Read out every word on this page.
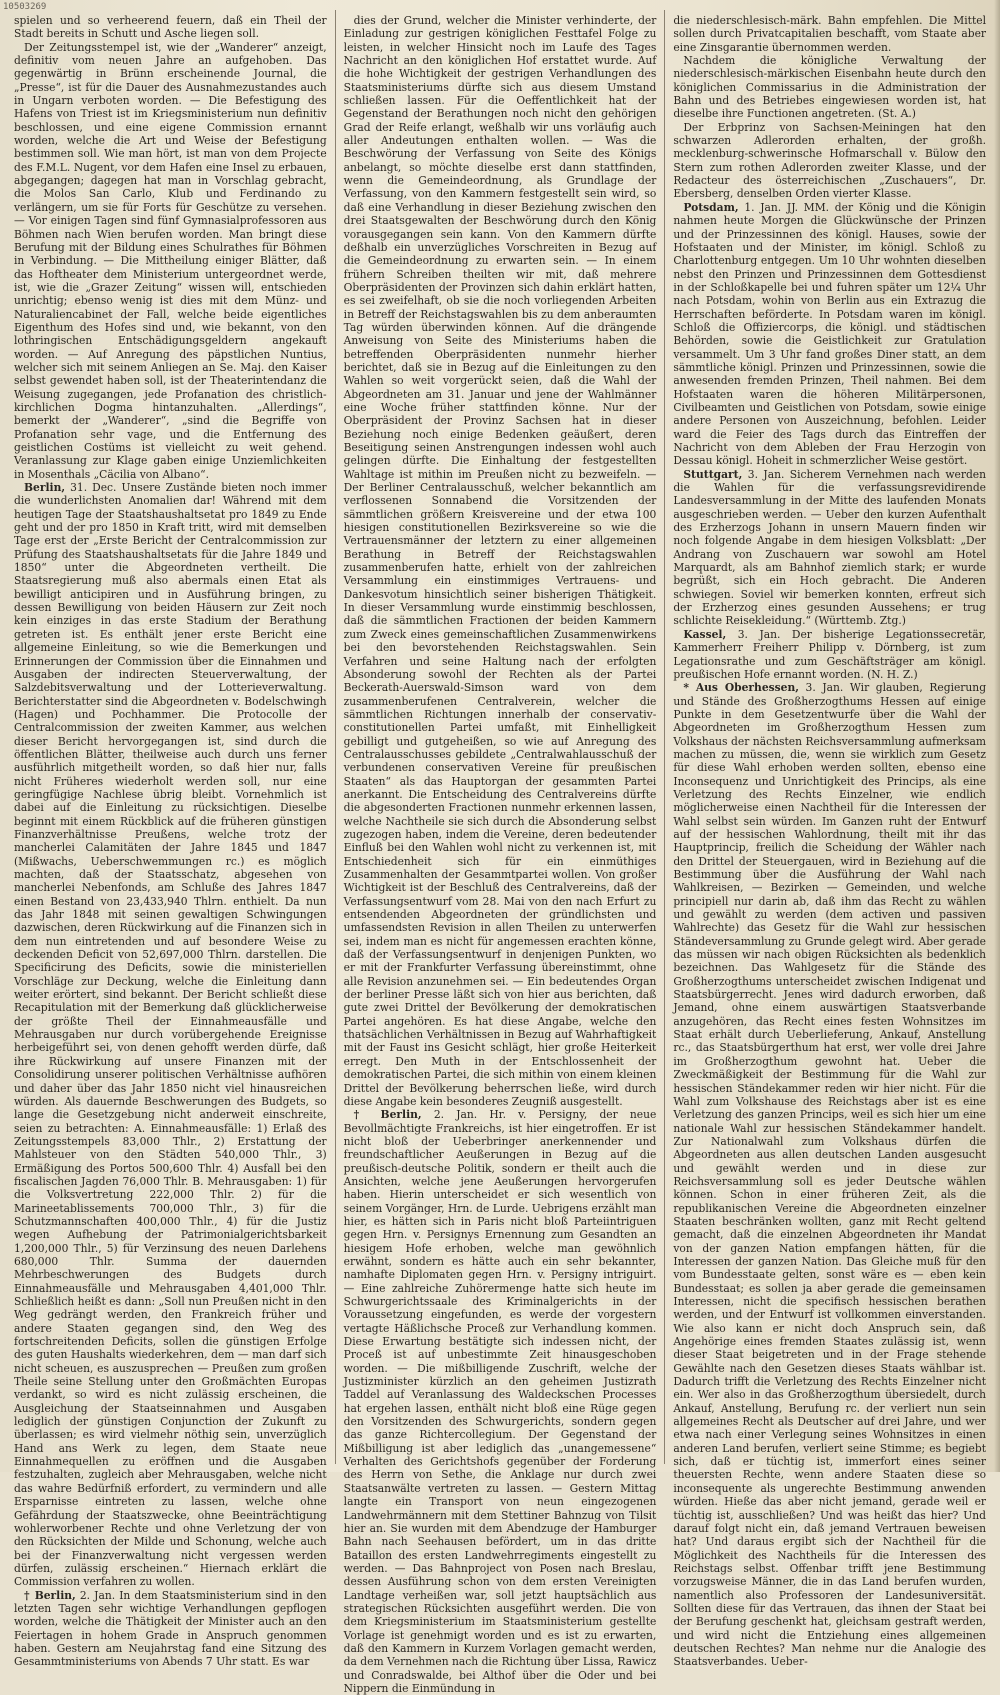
10503269

spielen und so verheerend feuern, daß ein Theil der Stadt bereits in Schutt und Asche liegen soll.

Der Zeitungsstempel ist, wie der „Wanderer“ anzeigt, definitiv vom neuen Jahre an aufgehoben. Das gegenwärtig in Brünn erscheinende Journal, die „Presse“, ist für die Dauer des Ausnahmezustandes auch in Ungarn verboten worden. — Die Befestigung des Hafens von Triest ist im Kriegsministerium nun definitiv beschlossen, und eine eigene Commission ernannt worden, welche die Art und Weise der Befestigung bestimmen soll. Wie man hört, ist man von dem Projecte des F.M.L. Nugent, vor dem Hafen eine Insel zu erbauen, abgegangen; dagegen hat man in Vorschlag gebracht, die Molos San Carlo, Klub und Ferdinando zu verlängern, um sie für Forts für Geschütze zu versehen. — Vor einigen Tagen sind fünf Gymnasialprofessoren aus Böhmen nach Wien berufen worden. Man bringt diese Berufung mit der Bildung eines Schulrathes für Böhmen in Verbindung. — Die Mittheilung einiger Blätter, daß das Hoftheater dem Ministerium untergeordnet werde, ist, wie die „Grazer Zeitung“ wissen will, entschieden unrichtig; ebenso wenig ist dies mit dem Münz- und Naturaliencabinet der Fall, welche beide eigentliches Eigenthum des Hofes sind und, wie bekannt, von den lothringischen Entschädigungsgeldern angekauft worden. — Auf Anregung des päpstlichen Nuntius, welcher sich mit seinem Anliegen an Se. Maj. den Kaiser selbst gewendet haben soll, ist der Theaterintendanz die Weisung zugegangen, jede Profanation des christlich-kirchlichen Dogma hintanzuhalten. „Allerdings“, bemerkt der „Wanderer“, „sind die Begriffe von Profanation sehr vage, und die Entfernung des geistlichen Costüms ist vielleicht zu weit gehend. Veranlassung zur Klage gaben einige Unziemlichkeiten in Mosenthals „Cäcilia von Albano“.

Berlin, 31. Dec. Unsere Zustände bieten noch immer die wunderlichsten Anomalien dar! Während mit dem heutigen Tage der Staatshaushaltsetat pro 1849 zu Ende geht und der pro 1850 in Kraft tritt, wird mit demselben Tage erst der „Erste Bericht der Centralcommission zur Prüfung des Staatshaushaltsetats für die Jahre 1849 und 1850“ unter die Abgeordneten vertheilt. Die Staatsregierung muß also abermals einen Etat als bewilligt anticipiren und in Ausführung bringen, zu dessen Bewilligung von beiden Häusern zur Zeit noch kein einziges in das erste Stadium der Berathung getreten ist. Es enthält jener erste Bericht eine allgemeine Einleitung, so wie die Bemerkungen und Erinnerungen der Commission über die Einnahmen und Ausgaben der indirecten Steuerverwaltung, der Salzdebitsverwaltung und der Lotterieverwaltung. Berichterstatter sind die Abgeordneten v. Bodelschwingh (Hagen) und Pochhammer. Die Protocolle der Centralcommission der zweiten Kammer, aus welchen dieser Bericht hervorgegangen ist, sind durch die öffentlichen Blätter, theilweise auch durch uns ferner ausführlich mitgetheilt worden, so daß hier nur, falls nicht Früheres wiederholt werden soll, nur eine geringfügige Nachlese übrig bleibt. Vornehmlich ist dabei auf die Einleitung zu rücksichtigen. Dieselbe beginnt mit einem Rückblick auf die früheren günstigen Finanzverhältnisse Preußens, welche trotz der mancherlei Calamitäten der Jahre 1845 und 1847 (Mißwachs, Ueberschwemmungen rc.) es möglich machten, daß der Staatsschatz, abgesehen von mancherlei Nebenfonds, am Schluße des Jahres 1847 einen Bestand von 23,433,940 Thlrn. enthielt. Da nun das Jahr 1848 mit seinen gewaltigen Schwingungen dazwischen, deren Rückwirkung auf die Finanzen sich in dem nun eintretenden und auf besondere Weise zu deckenden Deficit von 52,697,000 Thlrn. darstellen. Die Specificirung des Deficits, sowie die ministeriellen Vorschläge zur Deckung, welche die Einleitung dann weiter erörtert, sind bekannt. Der Bericht schließt diese Recapitulation mit der Bemerkung daß glücklicherweise der größte Theil der Einnahmeausfälle und Mehrausgaben nur durch vorübergehende Ereignisse herbeigeführt sei, von denen gehofft werden dürfe, daß ihre Rückwirkung auf unsere Finanzen mit der Consolidirung unserer politischen Verhältnisse aufhören und daher über das Jahr 1850 nicht viel hinausreichen würden. Als dauernde Beschwerungen des Budgets, so lange die Gesetzgebung nicht anderweit einschreite, seien zu betrachten: A. Einnahmeausfälle: 1) Erlaß des Zeitungsstempels 83,000 Thlr., 2) Erstattung der Mahlsteuer von den Städten 540,000 Thlr., 3) Ermäßigung des Portos 500,600 Thlr. 4) Ausfall bei den fiscalischen Jagden 76,000 Thlr. B. Mehrausgaben: 1) für die Volksvertretung 222,000 Thlr. 2) für die Marineetablissements 700,000 Thlr., 3) für die Schutzmannschaften 400,000 Thlr., 4) für die Justiz wegen Aufhebung der Patrimonialgerichtsbarkeit 1,200,000 Thlr., 5) für Verzinsung des neuen Darlehens 680,000 Thlr. Summa der dauernden Mehrbeschwerungen des Budgets durch Einnahmeausfälle und Mehrausgaben 4,401,000 Thlr. Schließlich heißt es dann: „Soll nun Preußen nicht in den Weg gedrängt werden, den Frankreich früher und andere Staaten gegangen sind, den Weg des fortschreitenden Deficits, sollen die günstigen Erfolge des guten Haushalts wiederkehren, dem — man darf sich nicht scheuen, es auszusprechen — Preußen zum großen Theile seine Stellung unter den Großmächten Europas verdankt, so wird es nicht zulässig erscheinen, die Ausgleichung der Staatseinnahmen und Ausgaben lediglich der günstigen Conjunction der Zukunft zu überlassen; es wird vielmehr nöthig sein, unverzüglich Hand ans Werk zu legen, dem Staate neue Einnahmequellen zu eröffnen und die Ausgaben festzuhalten, zugleich aber Mehrausgaben, welche nicht das wahre Bedürfniß erfordert, zu vermindern und alle Ersparnisse eintreten zu lassen, welche ohne Gefährdung der Staatszwecke, ohne Beeinträchtigung wohlerworbener Rechte und ohne Verletzung der von den Rücksichten der Milde und Schonung, welche auch bei der Finanzverwaltung nicht vergessen werden dürfen, zulässig erscheinen.“ Hiernach erklärt die Commission verfahren zu wollen.

† Berlin, 2. Jan. In dem Staatsministerium sind in den letzten Tagen sehr wichtige Verhandlungen gepflogen worden, welche die Thätigkeit der Minister auch an den Feiertagen in hohem Grade in Anspruch genommen haben. Gestern am Neujahrstag fand eine Sitzung des Gesammtministeriums von Abends 7 Uhr statt. Es war

dies der Grund, welcher die Minister verhinderte, der Einladung zur gestrigen königlichen Festtafel Folge zu leisten, in welcher Hinsicht noch im Laufe des Tages Nachricht an den königlichen Hof erstattet wurde. Auf die hohe Wichtigkeit der gestrigen Verhandlungen des Staatsministeriums dürfte sich aus diesem Umstand schließen lassen. Für die Oeffentlichkeit hat der Gegenstand der Berathungen noch nicht den gehörigen Grad der Reife erlangt, weßhalb wir uns vorläufig auch aller Andeutungen enthalten wollen. — Was die Beschwörung der Verfassung von Seite des Königs anbelangt, so möchte dieselbe erst dann stattfinden, wenn die Gemeindeordnung, als Grundlage der Verfassung, von den Kammern festgestellt sein wird, so daß eine Verhandlung in dieser Beziehung zwischen den drei Staatsgewalten der Beschwörung durch den König vorausgegangen sein kann. Von den Kammern dürfte deßhalb ein unverzügliches Vorschreiten in Bezug auf die Gemeindeordnung zu erwarten sein. — In einem frühern Schreiben theilten wir mit, daß mehrere Oberpräsidenten der Provinzen sich dahin erklärt hatten, es sei zweifelhaft, ob sie die noch vorliegenden Arbeiten in Betreff der Reichstagswahlen bis zu dem anberaumten Tag würden überwinden können. Auf die drängende Anweisung von Seite des Ministeriums haben die betreffenden Oberpräsidenten nunmehr hierher berichtet, daß sie in Bezug auf die Einleitungen zu den Wahlen so weit vorgerückt seien, daß die Wahl der Abgeordneten am 31. Januar und jene der Wahlmänner eine Woche früher stattfinden könne. Nur der Oberpräsident der Provinz Sachsen hat in dieser Beziehung noch einige Bedenken geäußert, deren Beseitigung seinen Anstrengungen indessen wohl auch gelingen dürfte. Die Einhaltung der festgestellten Wahltage ist mithin im Preußen nicht zu bezweifeln. — Der Berliner Centralausschuß, welcher bekanntlich am verflossenen Sonnabend die Vorsitzenden der sämmtlichen größern Kreisvereine und der etwa 100 hiesigen constitutionellen Bezirksvereine so wie die Vertrauensmänner der letztern zu einer allgemeinen Berathung in Betreff der Reichstagswahlen zusammenberufen hatte, erhielt von der zahlreichen Versammlung ein einstimmiges Vertrauens- und Dankesvotum hinsichtlich seiner bisherigen Thätigkeit. In dieser Versammlung wurde einstimmig beschlossen, daß die sämmtlichen Fractionen der beiden Kammern zum Zweck eines gemeinschaftlichen Zusammenwirkens bei den bevorstehenden Reichstagswahlen. Sein Verfahren und seine Haltung nach der erfolgten Absonderung sowohl der Rechten als der Partei Beckerath-Auerswald-Simson ward von dem zusammenberufenen Centralverein, welcher die sämmtlichen Richtungen innerhalb der conservativ-constitutionellen Partei umfaßt, mit Einhelligkeit gebilligt und gutgeheißen, so wie auf Anregung des Centralausschusses gebildete „Centralwahlausschuß der verbundenen conservativen Vereine für preußischen Staaten“ als das Hauptorgan der gesammten Partei anerkannt. Die Entscheidung des Centralvereins dürfte die abgesonderten Fractionen nunmehr erkennen lassen, welche Nachtheile sie sich durch die Absonderung selbst zugezogen haben, indem die Vereine, deren bedeutender Einfluß bei den Wahlen wohl nicht zu verkennen ist, mit Entschiedenheit sich für ein einmüthiges Zusammenhalten der Gesammtpartei wollen. Von großer Wichtigkeit ist der Beschluß des Centralvereins, daß der Verfassungsentwurf vom 28. Mai von den nach Erfurt zu entsendenden Abgeordneten der gründlichsten und umfassendsten Revision in allen Theilen zu unterwerfen sei, indem man es nicht für angemessen erachten könne, daß der Verfassungsentwurf in denjenigen Punkten, wo er mit der Frankfurter Verfassung übereinstimmt, ohne alle Revision anzunehmen sei. — Ein bedeutendes Organ der berliner Presse läßt sich von hier aus berichten, daß gute zwei Drittel der Bevölkerung der demokratischen Partei angehören. Es hat diese Angabe, welche den thatsächlichen Verhältnissen in Bezug auf Wahrhaftigkeit mit der Faust ins Gesicht schlägt, hier große Heiterkeit erregt. Den Muth in der Entschlossenheit der demokratischen Partei, die sich mithin von einem kleinen Drittel der Bevölkerung beherrschen ließe, wird durch diese Angabe kein besonderes Zeugniß ausgestellt.

† Berlin, 2. Jan. Hr. v. Persigny, der neue Bevollmächtigte Frankreichs, ist hier eingetroffen. Er ist nicht bloß der Ueberbringer anerkennender und freundschaftlicher Aeußerungen in Bezug auf die preußisch-deutsche Politik, sondern er theilt auch die Ansichten, welche jene Aeußerungen hervorgerufen haben. Hierin unterscheidet er sich wesentlich von seinem Vorgänger, Hrn. de Lurde. Uebrigens erzählt man hier, es hätten sich in Paris nicht bloß Parteiintriguen gegen Hrn. v. Persignys Ernennung zum Gesandten an hiesigem Hofe erhoben, welche man gewöhnlich erwähnt, sondern es hätte auch ein sehr bekannter, namhafte Diplomaten gegen Hrn. v. Persigny intriguirt. — Eine zahlreiche Zuhörermenge hatte sich heute im Schwurgerichtssaale des Kriminalgerichts in der Voraussetzung eingefunden, es werde der vorgestern vertagte Häßlichsche Proceß zur Verhandlung kommen. Diese Erwartung bestätigte sich indessen nicht, der Proceß ist auf unbestimmte Zeit hinausgeschoben worden. — Die mißbilligende Zuschrift, welche der Justizminister kürzlich an den geheimen Justizrath Taddel auf Veranlassung des Waldeckschen Processes hat ergehen lassen, enthält nicht bloß eine Rüge gegen den Vorsitzenden des Schwurgerichts, sondern gegen das ganze Richtercollegium. Der Gegenstand der Mißbilligung ist aber lediglich das „unangemessene“ Verhalten des Gerichtshofs gegenüber der Forderung des Herrn von Sethe, die Anklage nur durch zwei Staatsanwälte vertreten zu lassen. — Gestern Mittag langte ein Transport von neun eingezogenen Landwehrmännern mit dem Stettiner Bahnzug von Tilsit hier an. Sie wurden mit dem Abendzuge der Hamburger Bahn nach Seehausen befördert, um in das dritte Bataillon des ersten Landwehrregiments eingestellt zu werden. — Das Bahnproject von Posen nach Breslau, dessen Ausführung schon von dem ersten Vereinigten Landtage verheißen war, soll jetzt hauptsächlich aus strategischen Rücksichten ausgeführt werden. Die von dem Kriegsministerium im Staatsministerium gestellte Vorlage ist genehmigt worden und es ist zu erwarten, daß den Kammern in Kurzem Vorlagen gemacht werden, da dem Vernehmen nach die Richtung über Lissa, Rawicz und Conradswalde, bei Althof über die Oder und bei Nippern die Einmündung in

die niederschlesisch-märk. Bahn empfehlen. Die Mittel sollen durch Privatcapitalien beschafft, vom Staate aber eine Zinsgarantie übernommen werden.

Nachdem die königliche Verwaltung der niederschlesisch-märkischen Eisenbahn heute durch den königlichen Commissarius in die Administration der Bahn und des Betriebes eingewiesen worden ist, hat dieselbe ihre Functionen angetreten. (St. A.)

Der Erbprinz von Sachsen-Meiningen hat den schwarzen Adlerorden erhalten, der großh. mecklenburg-schwerinsche Hofmarschall v. Bülow den Stern zum rothen Adlerorden zweiter Klasse, und der Redacteur des österreichischen „Zuschauers“, Dr. Ebersberg, denselben Orden vierter Klasse.

Potsdam, 1. Jan. JJ. MM. der König und die Königin nahmen heute Morgen die Glückwünsche der Prinzen und der Prinzessinnen des königl. Hauses, sowie der Hofstaaten und der Minister, im königl. Schloß zu Charlottenburg entgegen. Um 10 Uhr wohnten dieselben nebst den Prinzen und Prinzessinnen dem Gottesdienst in der Schloßkapelle bei und fuhren später um 12¼ Uhr nach Potsdam, wohin von Berlin aus ein Extrazug die Herrschaften beförderte. In Potsdam waren im königl. Schloß die Offiziercorps, die königl. und städtischen Behörden, sowie die Geistlichkeit zur Gratulation versammelt. Um 3 Uhr fand großes Diner statt, an dem sämmtliche königl. Prinzen und Prinzessinnen, sowie die anwesenden fremden Prinzen, Theil nahmen. Bei dem Hofstaaten waren die höheren Militärpersonen, Civilbeamten und Geistlichen von Potsdam, sowie einige andere Personen von Auszeichnung, befohlen. Leider ward die Feier des Tags durch das Eintreffen der Nachricht von dem Ableben der Frau Herzogin von Dessau königl. Hoheit in schmerzlicher Weise gestört.

Stuttgart, 3. Jan. Sicherem Vernehmen nach werden die Wahlen für die verfassungsrevidirende Landesversammlung in der Mitte des laufenden Monats ausgeschrieben werden. — Ueber den kurzen Aufenthalt des Erzherzogs Johann in unsern Mauern finden wir noch folgende Angabe in dem hiesigen Volksblatt: „Der Andrang von Zuschauern war sowohl am Hotel Marquardt, als am Bahnhof ziemlich stark; er wurde begrüßt, sich ein Hoch gebracht. Die Anderen schwiegen. Soviel wir bemerken konnten, erfreut sich der Erzherzog eines gesunden Aussehens; er trug schlichte Reisekleidung.“ (Württemb. Ztg.)

Kassel, 3. Jan. Der bisherige Legationssecretär, Kammerherr Freiherr Philipp v. Dörnberg, ist zum Legationsrathe und zum Geschäftsträger am königl. preußischen Hofe ernannt worden. (N. H. Z.)

* Aus Oberhessen, 3. Jan. Wir glauben, Regierung und Stände des Großherzogthums Hessen auf einige Punkte in dem Gesetzentwurfe über die Wahl der Abgeordneten im Großherzogthum Hessen zum Volkshaus der nächsten Reichsversammlung aufmerksam machen zu müssen, die, wenn sie wirklich zum Gesetz für diese Wahl erhoben werden sollten, ebenso eine Inconsequenz und Unrichtigkeit des Princips, als eine Verletzung des Rechts Einzelner, wie endlich möglicherweise einen Nachtheil für die Interessen der Wahl selbst sein würden. Im Ganzen ruht der Entwurf auf der hessischen Wahlordnung, theilt mit ihr das Hauptprincip, freilich die Scheidung der Wähler nach den Drittel der Steuergauen, wird in Beziehung auf die Bestimmung über die Ausführung der Wahl nach Wahlkreisen, — Bezirken — Gemeinden, und welche principiell nur darin ab, daß ihm das Recht zu wählen und gewählt zu werden (dem activen und passiven Wahlrechte) das Gesetz für die Wahl zur hessischen Ständeversammlung zu Grunde gelegt wird. Aber gerade das müssen wir nach obigen Rücksichten als bedenklich bezeichnen. Das Wahlgesetz für die Stände des Großherzogthums unterscheidet zwischen Indigenat und Staatsbürgerrecht. Jenes wird dadurch erworben, daß Jemand, ohne einem auswärtigen Staatsverbande anzugehören, das Recht eines festen Wohnsitzes im Staat erhält durch Ueberlieferung, Ankauf, Anstellung rc., das Staatsbürgerthum hat erst, wer volle drei Jahre im Großherzogthum gewohnt hat. Ueber die Zweckmäßigkeit der Bestimmung für die Wahl zur hessischen Ständekammer reden wir hier nicht. Für die Wahl zum Volkshause des Reichstags aber ist es eine Verletzung des ganzen Princips, weil es sich hier um eine nationale Wahl zur hessischen Ständekammer handelt. Zur Nationalwahl zum Volkshaus dürfen die Abgeordneten aus allen deutschen Landen ausgesucht und gewählt werden und in diese zur Reichsversammlung soll es jeder Deutsche wählen können. Schon in einer früheren Zeit, als die republikanischen Vereine die Abgeordneten einzelner Staaten beschränken wollten, ganz mit Recht geltend gemacht, daß die einzelnen Abgeordneten ihr Mandat von der ganzen Nation empfangen hätten, für die Interessen der ganzen Nation. Das Gleiche muß für den vom Bundesstaate gelten, sonst wäre es — eben kein Bundesstaat; es sollen ja aber gerade die gemeinsamen Interessen, nicht die specifisch hessischen berathen werden, und der Entwurf ist vollkommen einverstanden. Wie also kann er nicht doch Anspruch sein, daß Angehörige eines fremden Staates zulässig ist, wenn dieser Staat beigetreten und in der Frage stehende Gewählte nach den Gesetzen dieses Staats wählbar ist. Dadurch trifft die Verletzung des Rechts Einzelner nicht ein. Wer also in das Großherzogthum übersiedelt, durch Ankauf, Anstellung, Berufung rc. der verliert nun sein allgemeines Recht als Deutscher auf drei Jahre, und wer etwa nach einer Verlegung seines Wohnsitzes in einen anderen Land berufen, verliert seine Stimme; es begiebt sich, daß er tüchtig ist, immerfort eines seiner theuersten Rechte, wenn andere Staaten diese so inconsequente als ungerechte Bestimmung anwenden würden. Hieße das aber nicht jemand, gerade weil er tüchtig ist, ausschließen? Und was heißt das hier? Und darauf folgt nicht ein, daß jemand Vertrauen beweisen hat? Und daraus ergibt sich der Nachtheil für die Möglichkeit des Nachtheils für die Interessen des Reichstags selbst. Offenbar trifft jene Bestimmung vorzugsweise Männer, die in das Land berufen wurden, namentlich also Professoren der Landesuniversität. Sollten diese für das Vertrauen, das ihnen der Staat bei der Berufung geschenkt hat, gleichsam gestraft werden, und wird nicht die Entziehung eines allgemeinen deutschen Rechtes? Man nehme nur die Analogie des Staatsverbandes. Ueber-
